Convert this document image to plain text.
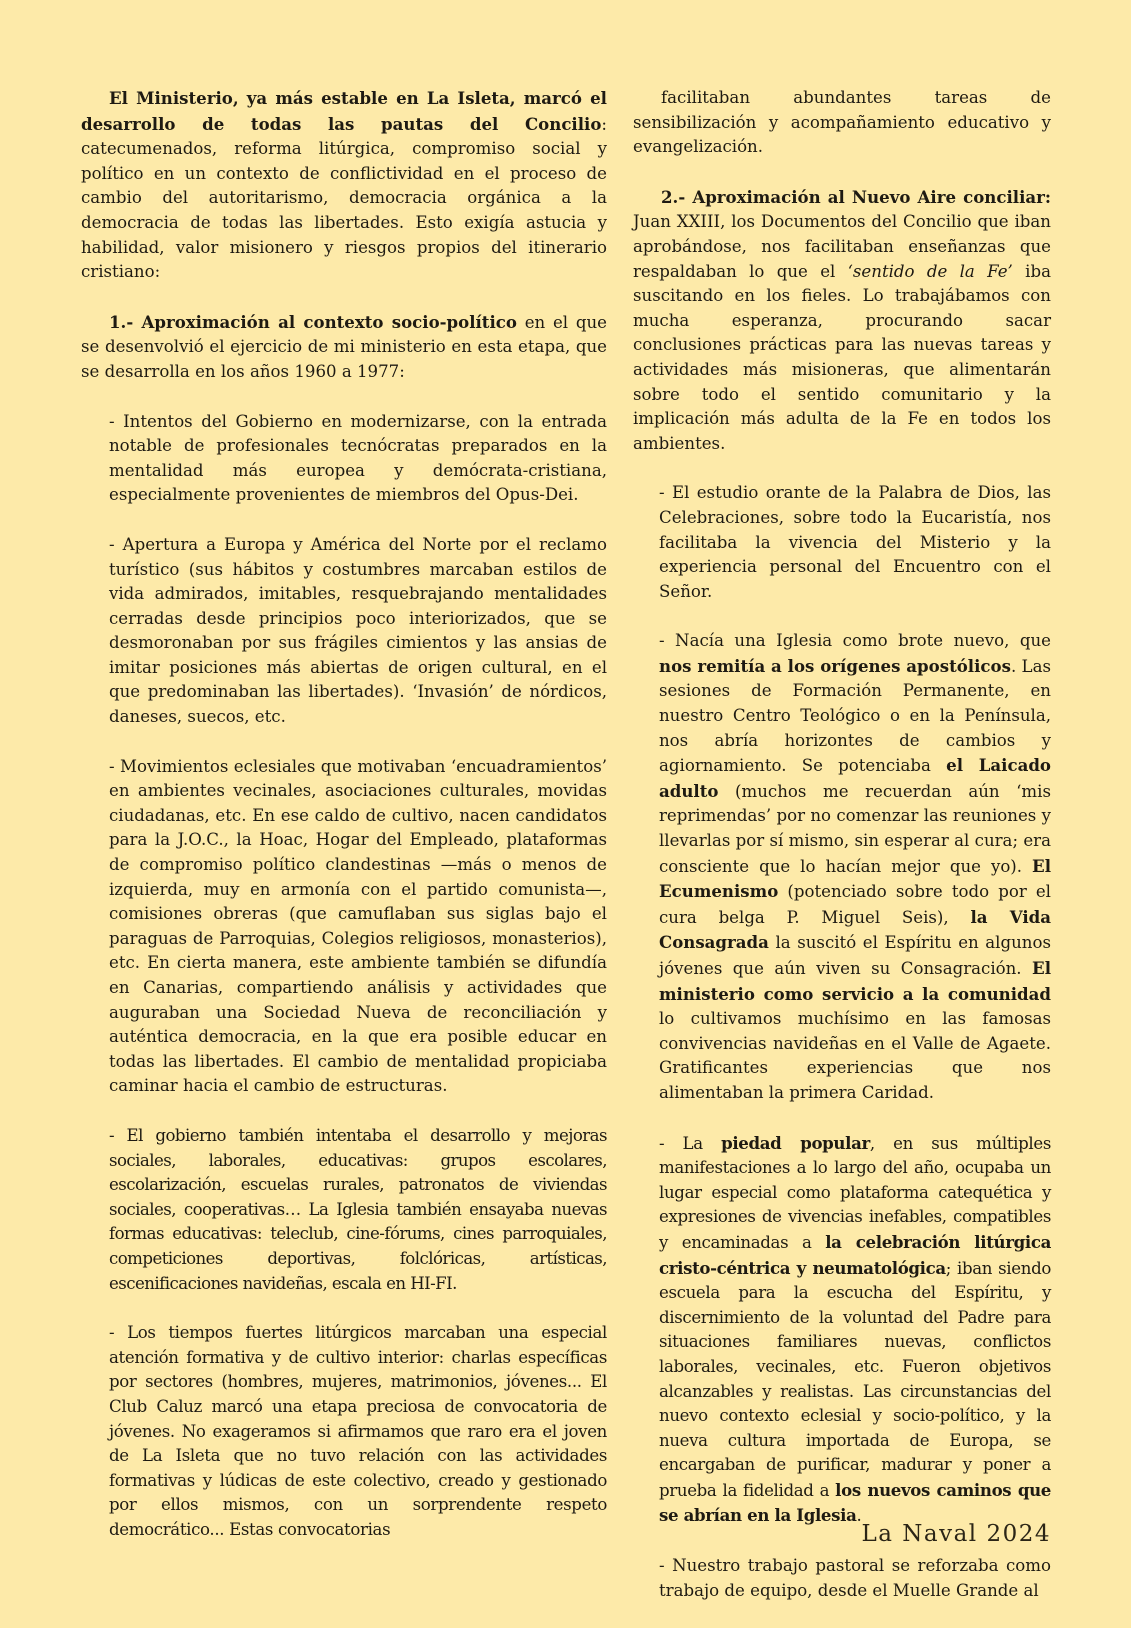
El Ministerio, ya más estable en La Isleta, marcó el desarrollo de todas las pautas del Concilio: catecumenados, reforma litúrgica, compromiso social y político en un contexto de conflictividad en el proceso de cambio del autoritarismo, democracia orgánica a la democracia de todas las libertades. Esto exigía astucia y habilidad, valor misionero y riesgos propios del itinerario cristiano:

1.- Aproximación al contexto socio-político en el que se desenvolvió el ejercicio de mi ministerio en esta etapa, que se desarrolla en los años 1960 a 1977:

- Intentos del Gobierno en modernizarse, con la entrada notable de profesionales tecnócratas preparados en la mentalidad más europea y demócrata-cristiana, especialmente provenientes de miembros del Opus-Dei.

- Apertura a Europa y América del Norte por el reclamo turístico (sus hábitos y costumbres marcaban estilos de vida admirados, imitables, resquebrajando mentalidades cerradas desde principios poco interiorizados, que se desmoronaban por sus frágiles cimientos y las ansias de imitar posiciones más abiertas de origen cultural, en el que predominaban las libertades). ‘Invasión’ de nórdicos, daneses, suecos, etc.

- Movimientos eclesiales que motivaban ‘encuadramientos’ en ambientes vecinales, asociaciones culturales, movidas ciudadanas, etc. En ese caldo de cultivo, nacen candidatos para la J.O.C., la Hoac, Hogar del Empleado, plataformas de compromiso político clandestinas —más o menos de izquierda, muy en armonía con el partido comunista—, comisiones obreras (que camuflaban sus siglas bajo el paraguas de Parroquias, Colegios religiosos, monasterios), etc. En cierta manera, este ambiente también se difundía en Canarias, compartiendo análisis y actividades que auguraban una Sociedad Nueva de reconciliación y auténtica democracia, en la que era posible educar en todas las libertades. El cambio de mentalidad propiciaba caminar hacia el cambio de estructuras.

- El gobierno también intentaba el desarrollo y mejoras sociales, laborales, educativas: grupos escolares, escolarización, escuelas rurales, patronatos de viviendas sociales, cooperativas… La Iglesia también ensayaba nuevas formas educativas: teleclub, cine-fórums, cines parroquiales, competiciones deportivas, folclóricas, artísticas, escenificaciones navideñas, escala en HI-FI.

- Los tiempos fuertes litúrgicos marcaban una especial atención formativa y de cultivo interior: charlas específicas por sectores (hombres, mujeres, matrimonios, jóvenes... El Club Caluz marcó una etapa preciosa de convocatoria de jóvenes. No exageramos si afirmamos que raro era el joven de La Isleta que no tuvo relación con las actividades formativas y lúdicas de este colectivo, creado y gestionado por ellos mismos, con un sorprendente respeto democrático... Estas convocatorias

facilitaban abundantes tareas de sensibilización y acompañamiento educativo y evangelización.

2.- Aproximación al Nuevo Aire conciliar: Juan XXIII, los Documentos del Concilio que iban aprobándose, nos facilitaban enseñanzas que respaldaban lo que el ‘sentido de la Fe’ iba suscitando en los fieles. Lo trabajábamos con mucha esperanza, procurando sacar conclusiones prácticas para las nuevas tareas y actividades más misioneras, que alimentarán sobre todo el sentido comunitario y la implicación más adulta de la Fe en todos los ambientes.

- El estudio orante de la Palabra de Dios, las Celebraciones, sobre todo la Eucaristía, nos facilitaba la vivencia del Misterio y la experiencia personal del Encuentro con el Señor.

- Nacía una Iglesia como brote nuevo, que nos remitía a los orígenes apostólicos. Las sesiones de Formación Permanente, en nuestro Centro Teológico o en la Península, nos abría horizontes de cambios y agiornamiento. Se potenciaba el Laicado adulto (muchos me recuerdan aún ‘mis reprimendas’ por no comenzar las reuniones y llevarlas por sí mismo, sin esperar al cura; era consciente que lo hacían mejor que yo). El Ecumenismo (potenciado sobre todo por el cura belga P. Miguel Seis), la Vida Consagrada la suscitó el Espíritu en algunos jóvenes que aún viven su Consagración. El ministerio como servicio a la comunidad lo cultivamos muchísimo en las famosas convivencias navideñas en el Valle de Agaete. Gratificantes experiencias que nos alimentaban la primera Caridad.

- La piedad popular, en sus múltiples manifestaciones a lo largo del año, ocupaba un lugar especial como plataforma catequética y expresiones de vivencias inefables, compatibles y encaminadas a la celebración litúrgica cristo-céntrica y neumatológica; iban siendo escuela para la escucha del Espíritu, y discernimiento de la voluntad del Padre para situaciones familiares nuevas, conflictos laborales, vecinales, etc. Fueron objetivos alcanzables y realistas. Las circunstancias del nuevo contexto eclesial y socio-político, y la nueva cultura importada de Europa, se encargaban de purificar, madurar y poner a prueba la fidelidad a los nuevos caminos que se abrían en la Iglesia.

- Nuestro trabajo pastoral se reforzaba como trabajo de equipo, desde el Muelle Grande al

La Naval 2024
